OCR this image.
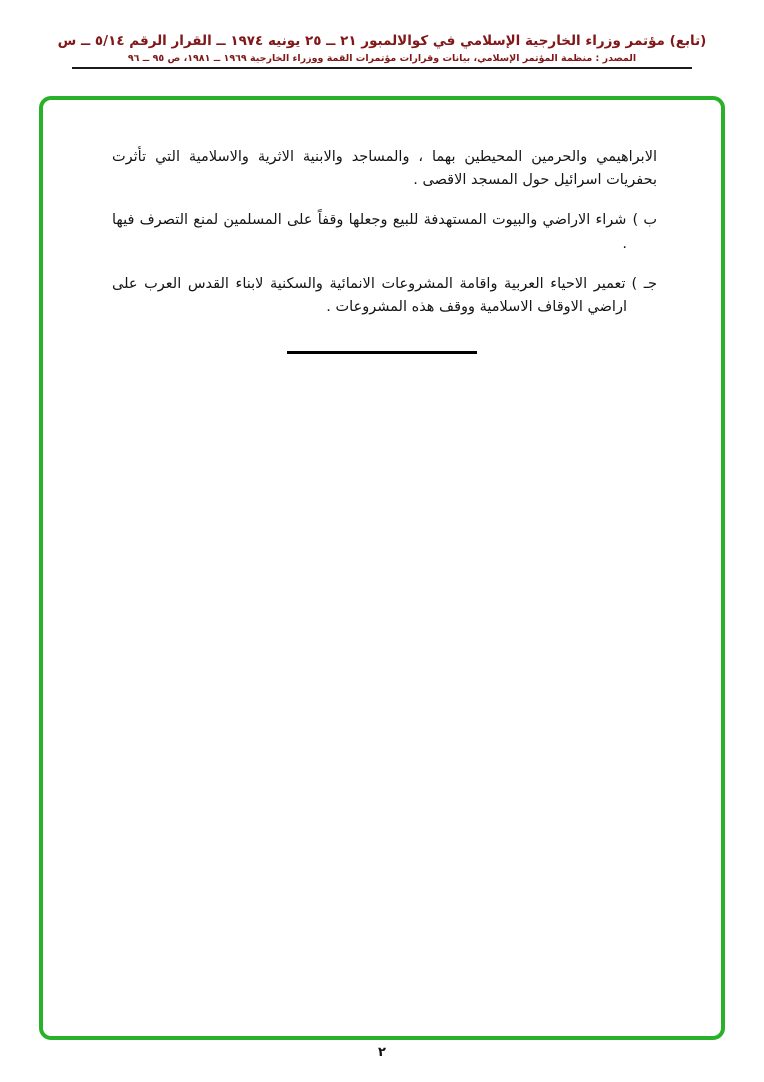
(تابع) مؤتمر وزراء الخارجية الإسلامي في كوالالمبور ٢١ ــ ٢٥ يونيه ١٩٧٤ ــ القرار الرقم ٥/١٤ ــ س
المصدر : منظمة المؤتمر الإسلامي، بيانات وقرارات مؤتمرات القمة ووزراء الخارجية ١٩٦٩ ــ ١٩٨١، ص ٩٥ ــ ٩٦

الابراهيمي والحرمين المحيطين بهما ، والمساجد والابنية الاثرية والاسلامية التي تأثرت بحفريات اسرائيل حول المسجد الاقصى .

ب )شراء الاراضي والبيوت المستهدفة للبيع وجعلها وقفاً على المسلمين لمنع التصرف فيها .

جـ )تعمير الاحياء العربية واقامة المشروعات الانمائية والسكنية لابناء القدس العرب على اراضي الاوقاف الاسلامية ووقف هذه المشروعات .

٢
